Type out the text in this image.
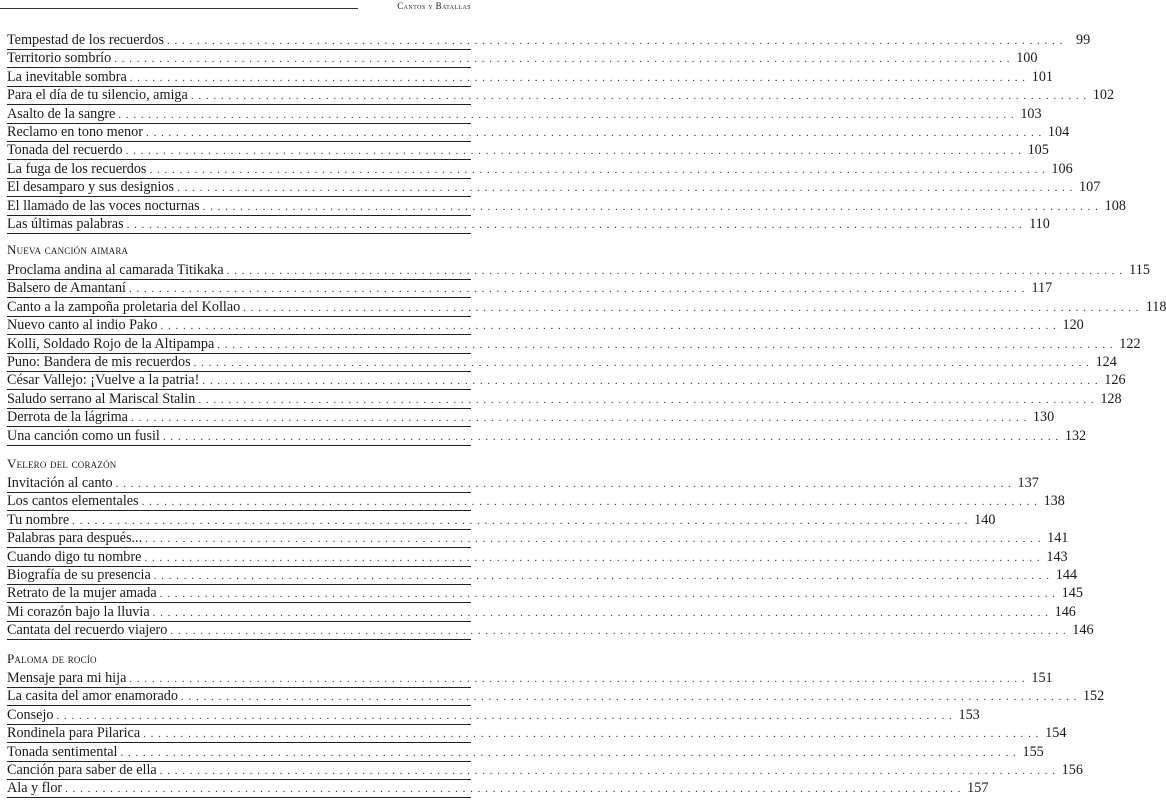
Cantos y Batallas
Tempestad de los recuerdos . . . . . . . . . . . . . . . . . . . . . . . . . . . . . . . . . . . . . . . . . . . . . . . . . . . . . . . . . . . . . . . . . . . . . . . . . . . . . . . . . . . . . . . . . . . . . . . . . . . . . . . . . . . . . . . . . . . . . . . . 99
Territorio sombrío . . . . . . . . . . . . . . . . . . . . . . . . . . . . . . . . . . . . . . . . . . . . . . . . . . . . . . . . . . . . . . . . . . . . . . . . . . . . . . . . . . . . . . . . . . . . . . . . . . . . . . . . . . . . . . . . . . . . . . . . 100
La inevitable sombra . . . . . . . . . . . . . . . . . . . . . . . . . . . . . . . . . . . . . . . . . . . . . . . . . . . . . . . . . . . . . . . . . . . . . . . . . . . . . . . . . . . . . . . . . . . . . . . . . . . . . . . . . . . . . . . . . . . . . . . . 101
Para el día de tu silencio, amiga . . . . . . . . . . . . . . . . . . . . . . . . . . . . . . . . . . . . . . . . . . . . . . . . . . . . . . . . . . . . . . . . . . . . . . . . . . . . . . . . . . . . . . . . . . . . . . . . . . . . . . . . . . . . . . . . . . . . . . . . 102
Asalto de la sangre . . . . . . . . . . . . . . . . . . . . . . . . . . . . . . . . . . . . . . . . . . . . . . . . . . . . . . . . . . . . . . . . . . . . . . . . . . . . . . . . . . . . . . . . . . . . . . . . . . . . . . . . . . . . . . . . . . . . . . . . 103
Reclamo en tono menor . . . . . . . . . . . . . . . . . . . . . . . . . . . . . . . . . . . . . . . . . . . . . . . . . . . . . . . . . . . . . . . . . . . . . . . . . . . . . . . . . . . . . . . . . . . . . . . . . . . . . . . . . . . . . . . . . . . . . . . . 104
Tonada del recuerdo . . . . . . . . . . . . . . . . . . . . . . . . . . . . . . . . . . . . . . . . . . . . . . . . . . . . . . . . . . . . . . . . . . . . . . . . . . . . . . . . . . . . . . . . . . . . . . . . . . . . . . . . . . . . . . . . . . . . . . . . 105
La fuga de los recuerdos . . . . . . . . . . . . . . . . . . . . . . . . . . . . . . . . . . . . . . . . . . . . . . . . . . . . . . . . . . . . . . . . . . . . . . . . . . . . . . . . . . . . . . . . . . . . . . . . . . . . . . . . . . . . . . . . . . . . . . . . 106
El desamparo y sus designios . . . . . . . . . . . . . . . . . . . . . . . . . . . . . . . . . . . . . . . . . . . . . . . . . . . . . . . . . . . . . . . . . . . . . . . . . . . . . . . . . . . . . . . . . . . . . . . . . . . . . . . . . . . . . . . . . . . . . . . . 107
El llamado de las voces nocturnas . . . . . . . . . . . . . . . . . . . . . . . . . . . . . . . . . . . . . . . . . . . . . . . . . . . . . . . . . . . . . . . . . . . . . . . . . . . . . . . . . . . . . . . . . . . . . . . . . . . . . . . . . . . . . . . . . . . . . . . . 108
Las últimas palabras . . . . . . . . . . . . . . . . . . . . . . . . . . . . . . . . . . . . . . . . . . . . . . . . . . . . . . . . . . . . . . . . . . . . . . . . . . . . . . . . . . . . . . . . . . . . . . . . . . . . . . . . . . . . . . . . . . . . . . . . 110
Nueva canción aimara
Proclama andina al camarada Titikaka . . . . . . . . . . . . . . . . . . . . . . . . . . . . . . . . . . . . . . . . . . . . . . . . . . . . . . . . . . . . . . . . . . . . . . . . . . . . . . . . . . . . . . . . . . . . . . . . . . . . . . . . . . . . . . . . . . . . . . . . 115
Balsero de Amantaní . . . . . . . . . . . . . . . . . . . . . . . . . . . . . . . . . . . . . . . . . . . . . . . . . . . . . . . . . . . . . . . . . . . . . . . . . . . . . . . . . . . . . . . . . . . . . . . . . . . . . . . . . . . . . . . . . . . . . . . . 117
Canto a la zampoña proletaria del Kollao . . . . . . . . . . . . . . . . . . . . . . . . . . . . . . . . . . . . . . . . . . . . . . . . . . . . . . . . . . . . . . . . . . . . . . . . . . . . . . . . . . . . . . . . . . . . . . . . . . . . . . . . . . . . . . . . . . . . . . . . 118
Nuevo canto al indio Pako . . . . . . . . . . . . . . . . . . . . . . . . . . . . . . . . . . . . . . . . . . . . . . . . . . . . . . . . . . . . . . . . . . . . . . . . . . . . . . . . . . . . . . . . . . . . . . . . . . . . . . . . . . . . . . . . . . . . . . . . 120
Kolli, Soldado Rojo de la Altipampa . . . . . . . . . . . . . . . . . . . . . . . . . . . . . . . . . . . . . . . . . . . . . . . . . . . . . . . . . . . . . . . . . . . . . . . . . . . . . . . . . . . . . . . . . . . . . . . . . . . . . . . . . . . . . . . . . . . . . . . . 122
Puno: Bandera de mis recuerdos . . . . . . . . . . . . . . . . . . . . . . . . . . . . . . . . . . . . . . . . . . . . . . . . . . . . . . . . . . . . . . . . . . . . . . . . . . . . . . . . . . . . . . . . . . . . . . . . . . . . . . . . . . . . . . . . . . . . . . . . 124
César Vallejo: ¡Vuelve a la patria! . . . . . . . . . . . . . . . . . . . . . . . . . . . . . . . . . . . . . . . . . . . . . . . . . . . . . . . . . . . . . . . . . . . . . . . . . . . . . . . . . . . . . . . . . . . . . . . . . . . . . . . . . . . . . . . . . . . . . . . . 126
Saludo serrano al Mariscal Stalin . . . . . . . . . . . . . . . . . . . . . . . . . . . . . . . . . . . . . . . . . . . . . . . . . . . . . . . . . . . . . . . . . . . . . . . . . . . . . . . . . . . . . . . . . . . . . . . . . . . . . . . . . . . . . . . . . . . . . . . . 128
Derrota de la lágrima . . . . . . . . . . . . . . . . . . . . . . . . . . . . . . . . . . . . . . . . . . . . . . . . . . . . . . . . . . . . . . . . . . . . . . . . . . . . . . . . . . . . . . . . . . . . . . . . . . . . . . . . . . . . . . . . . . . . . . . . 130
Una canción como un fusil . . . . . . . . . . . . . . . . . . . . . . . . . . . . . . . . . . . . . . . . . . . . . . . . . . . . . . . . . . . . . . . . . . . . . . . . . . . . . . . . . . . . . . . . . . . . . . . . . . . . . . . . . . . . . . . . . . . . . . . . 132
Velero del corazón
Invitación al canto . . . . . . . . . . . . . . . . . . . . . . . . . . . . . . . . . . . . . . . . . . . . . . . . . . . . . . . . . . . . . . . . . . . . . . . . . . . . . . . . . . . . . . . . . . . . . . . . . . . . . . . . . . . . . . . . . . . . . . . . 137
Los cantos elementales . . . . . . . . . . . . . . . . . . . . . . . . . . . . . . . . . . . . . . . . . . . . . . . . . . . . . . . . . . . . . . . . . . . . . . . . . . . . . . . . . . . . . . . . . . . . . . . . . . . . . . . . . . . . . . . . . . . . . . . . 138
Tu nombre . . . . . . . . . . . . . . . . . . . . . . . . . . . . . . . . . . . . . . . . . . . . . . . . . . . . . . . . . . . . . . . . . . . . . . . . . . . . . . . . . . . . . . . . . . . . . . . . . . . . . . . . . . . . . . . . . . . . . . . . 140
Palabras para después... . . . . . . . . . . . . . . . . . . . . . . . . . . . . . . . . . . . . . . . . . . . . . . . . . . . . . . . . . . . . . . . . . . . . . . . . . . . . . . . . . . . . . . . . . . . . . . . . . . . . . . . . . . . . . . . . . . . . . . . . 141
Cuando digo tu nombre . . . . . . . . . . . . . . . . . . . . . . . . . . . . . . . . . . . . . . . . . . . . . . . . . . . . . . . . . . . . . . . . . . . . . . . . . . . . . . . . . . . . . . . . . . . . . . . . . . . . . . . . . . . . . . . . . . . . . . . . 143
Biografía de su presencia . . . . . . . . . . . . . . . . . . . . . . . . . . . . . . . . . . . . . . . . . . . . . . . . . . . . . . . . . . . . . . . . . . . . . . . . . . . . . . . . . . . . . . . . . . . . . . . . . . . . . . . . . . . . . . . . . . . . . . . . 144
Retrato de la mujer amada . . . . . . . . . . . . . . . . . . . . . . . . . . . . . . . . . . . . . . . . . . . . . . . . . . . . . . . . . . . . . . . . . . . . . . . . . . . . . . . . . . . . . . . . . . . . . . . . . . . . . . . . . . . . . . . . . . . . . . . . 145
Mi corazón bajo la lluvia . . . . . . . . . . . . . . . . . . . . . . . . . . . . . . . . . . . . . . . . . . . . . . . . . . . . . . . . . . . . . . . . . . . . . . . . . . . . . . . . . . . . . . . . . . . . . . . . . . . . . . . . . . . . . . . . . . . . . . . . 146
Cantata del recuerdo viajero . . . . . . . . . . . . . . . . . . . . . . . . . . . . . . . . . . . . . . . . . . . . . . . . . . . . . . . . . . . . . . . . . . . . . . . . . . . . . . . . . . . . . . . . . . . . . . . . . . . . . . . . . . . . . . . . . . . . . . . . 146
Paloma de rocío
Mensaje para mi hija . . . . . . . . . . . . . . . . . . . . . . . . . . . . . . . . . . . . . . . . . . . . . . . . . . . . . . . . . . . . . . . . . . . . . . . . . . . . . . . . . . . . . . . . . . . . . . . . . . . . . . . . . . . . . . . . . . . . . . . . 151
La casita del amor enamorado . . . . . . . . . . . . . . . . . . . . . . . . . . . . . . . . . . . . . . . . . . . . . . . . . . . . . . . . . . . . . . . . . . . . . . . . . . . . . . . . . . . . . . . . . . . . . . . . . . . . . . . . . . . . . . . . . . . . . . . . 152
Consejo . . . . . . . . . . . . . . . . . . . . . . . . . . . . . . . . . . . . . . . . . . . . . . . . . . . . . . . . . . . . . . . . . . . . . . . . . . . . . . . . . . . . . . . . . . . . . . . . . . . . . . . . . . . . . . . . . . . . . . . . 153
Rondinela para Pilarica . . . . . . . . . . . . . . . . . . . . . . . . . . . . . . . . . . . . . . . . . . . . . . . . . . . . . . . . . . . . . . . . . . . . . . . . . . . . . . . . . . . . . . . . . . . . . . . . . . . . . . . . . . . . . . . . . . . . . . . . 154
Tonada sentimental . . . . . . . . . . . . . . . . . . . . . . . . . . . . . . . . . . . . . . . . . . . . . . . . . . . . . . . . . . . . . . . . . . . . . . . . . . . . . . . . . . . . . . . . . . . . . . . . . . . . . . . . . . . . . . . . . . . . . . . . 155
Canción para saber de ella . . . . . . . . . . . . . . . . . . . . . . . . . . . . . . . . . . . . . . . . . . . . . . . . . . . . . . . . . . . . . . . . . . . . . . . . . . . . . . . . . . . . . . . . . . . . . . . . . . . . . . . . . . . . . . . . . . . . . . . . 156
Ala y flor . . . . . . . . . . . . . . . . . . . . . . . . . . . . . . . . . . . . . . . . . . . . . . . . . . . . . . . . . . . . . . . . . . . . . . . . . . . . . . . . . . . . . . . . . . . . . . . . . . . . . . . . . . . . . . . . . . . . . . . . 157
